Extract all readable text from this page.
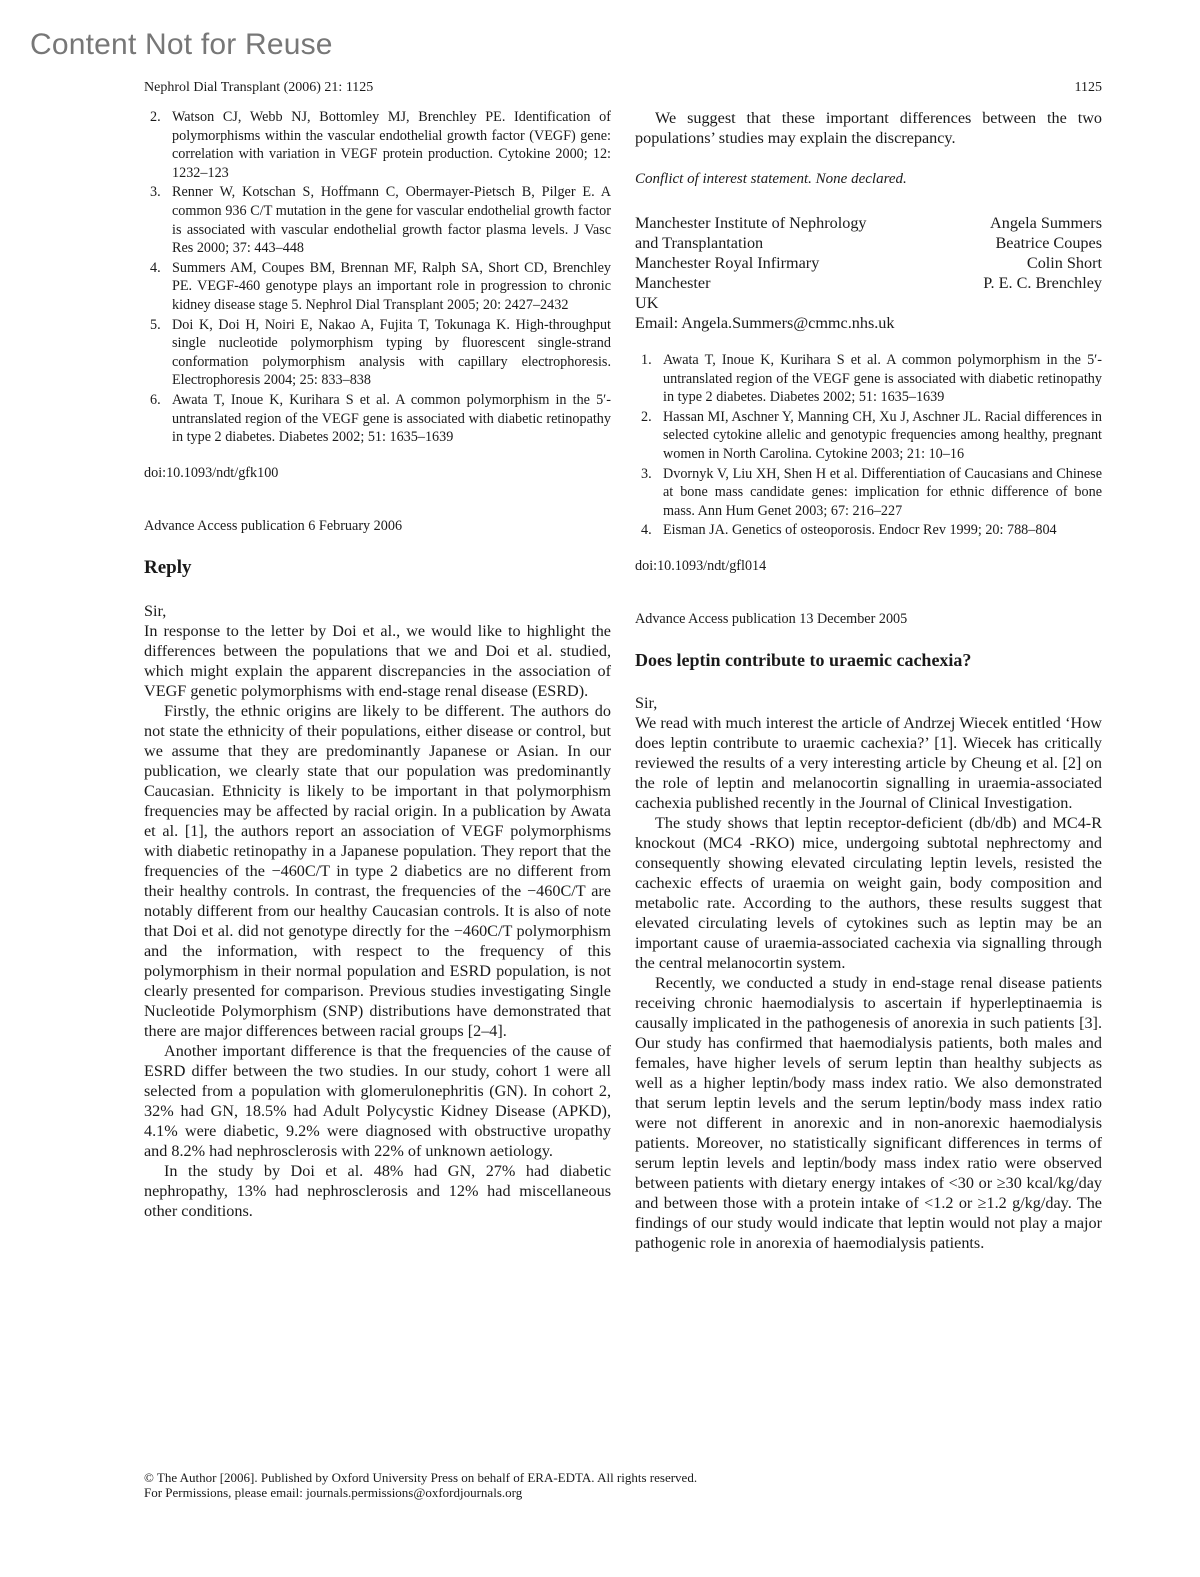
Content Not for Reuse
Nephrol Dial Transplant (2006) 21: 1125	1125
2. Watson CJ, Webb NJ, Bottomley MJ, Brenchley PE. Identification of polymorphisms within the vascular endothelial growth factor (VEGF) gene: correlation with variation in VEGF protein production. Cytokine 2000; 12: 1232–123
3. Renner W, Kotschan S, Hoffmann C, Obermayer-Pietsch B, Pilger E. A common 936 C/T mutation in the gene for vascular endothelial growth factor is associated with vascular endothelial growth factor plasma levels. J Vasc Res 2000; 37: 443–448
4. Summers AM, Coupes BM, Brennan MF, Ralph SA, Short CD, Brenchley PE. VEGF-460 genotype plays an important role in progression to chronic kidney disease stage 5. Nephrol Dial Transplant 2005; 20: 2427–2432
5. Doi K, Doi H, Noiri E, Nakao A, Fujita T, Tokunaga K. High-throughput single nucleotide polymorphism typing by fluorescent single-strand conformation polymorphism analysis with capillary electrophoresis. Electrophoresis 2004; 25: 833–838
6. Awata T, Inoue K, Kurihara S et al. A common polymorphism in the 5′-untranslated region of the VEGF gene is associated with diabetic retinopathy in type 2 diabetes. Diabetes 2002; 51: 1635–1639
doi:10.1093/ndt/gfk100
Advance Access publication 6 February 2006
Reply

Sir,

In response to the letter by Doi et al., we would like to highlight the differences between the populations that we and Doi et al. studied, which might explain the apparent discrepancies in the association of VEGF genetic polymorphisms with end-stage renal disease (ESRD).

Firstly, the ethnic origins are likely to be different. The authors do not state the ethnicity of their populations, either disease or control, but we assume that they are predominantly Japanese or Asian. In our publication, we clearly state that our population was predominantly Caucasian. Ethnicity is likely to be important in that polymorphism frequencies may be affected by racial origin. In a publication by Awata et al. [1], the authors report an association of VEGF polymorphisms with diabetic retinopathy in a Japanese population. They report that the frequencies of the −460C/T in type 2 diabetics are no different from their healthy controls. In contrast, the frequencies of the −460C/T are notably different from our healthy Caucasian controls. It is also of note that Doi et al. did not genotype directly for the −460C/T polymorphism and the information, with respect to the frequency of this polymorphism in their normal population and ESRD population, is not clearly presented for comparison. Previous studies investigating Single Nucleotide Polymorphism (SNP) distributions have demonstrated that there are major differences between racial groups [2–4].

Another important difference is that the frequencies of the cause of ESRD differ between the two studies. In our study, cohort 1 were all selected from a population with glomerulonephritis (GN). In cohort 2, 32% had GN, 18.5% had Adult Polycystic Kidney Disease (APKD), 4.1% were diabetic, 9.2% were diagnosed with obstructive uropathy and 8.2% had nephrosclerosis with 22% of unknown aetiology.

In the study by Doi et al. 48% had GN, 27% had diabetic nephropathy, 13% had nephrosclerosis and 12% had miscellaneous other conditions.

We suggest that these important differences between the two populations’ studies may explain the discrepancy.

Conflict of interest statement. None declared.
Manchester Institute of Nephrology	Angela Summers
and Transplantation	Beatrice Coupes
Manchester Royal Infirmary	Colin Short
Manchester	P. E. C. Brenchley
UK	
Email: Angela.Summers@cmmc.nhs.uk	
1. Awata T, Inoue K, Kurihara S et al. A common polymorphism in the 5′-untranslated region of the VEGF gene is associated with diabetic retinopathy in type 2 diabetes. Diabetes 2002; 51: 1635–1639
2. Hassan MI, Aschner Y, Manning CH, Xu J, Aschner JL. Racial differences in selected cytokine allelic and genotypic frequencies among healthy, pregnant women in North Carolina. Cytokine 2003; 21: 10–16
3. Dvornyk V, Liu XH, Shen H et al. Differentiation of Caucasians and Chinese at bone mass candidate genes: implication for ethnic difference of bone mass. Ann Hum Genet 2003; 67: 216–227
4. Eisman JA. Genetics of osteoporosis. Endocr Rev 1999; 20: 788–804
doi:10.1093/ndt/gfl014
Advance Access publication 13 December 2005
Does leptin contribute to uraemic cachexia?

Sir,

We read with much interest the article of Andrzej Wiecek entitled ‘How does leptin contribute to uraemic cachexia?’ [1]. Wiecek has critically reviewed the results of a very interesting article by Cheung et al. [2] on the role of leptin and melanocortin signalling in uraemia-associated cachexia published recently in the Journal of Clinical Investigation.

The study shows that leptin receptor-deficient (db/db) and MC4-R knockout (MC4 -RKO) mice, undergoing subtotal nephrectomy and consequently showing elevated circulating leptin levels, resisted the cachexic effects of uraemia on weight gain, body composition and metabolic rate. According to the authors, these results suggest that elevated circulating levels of cytokines such as leptin may be an important cause of uraemia-associated cachexia via signalling through the central melanocortin system.

Recently, we conducted a study in end-stage renal disease patients receiving chronic haemodialysis to ascertain if hyperleptinaemia is causally implicated in the pathogenesis of anorexia in such patients [3]. Our study has confirmed that haemodialysis patients, both males and females, have higher levels of serum leptin than healthy subjects as well as a higher leptin/body mass index ratio. We also demonstrated that serum leptin levels and the serum leptin/body mass index ratio were not different in anorexic and in non-anorexic haemodialysis patients. Moreover, no statistically significant differences in terms of serum leptin levels and leptin/body mass index ratio were observed between patients with dietary energy intakes of <30 or ≥30 kcal/kg/day and between those with a protein intake of <1.2 or ≥1.2 g/kg/day. The findings of our study would indicate that leptin would not play a major pathogenic role in anorexia of haemodialysis patients.

© The Author [2006]. Published by Oxford University Press on behalf of ERA-EDTA. All rights reserved.
For Permissions, please email: journals.permissions@oxfordjournals.org
